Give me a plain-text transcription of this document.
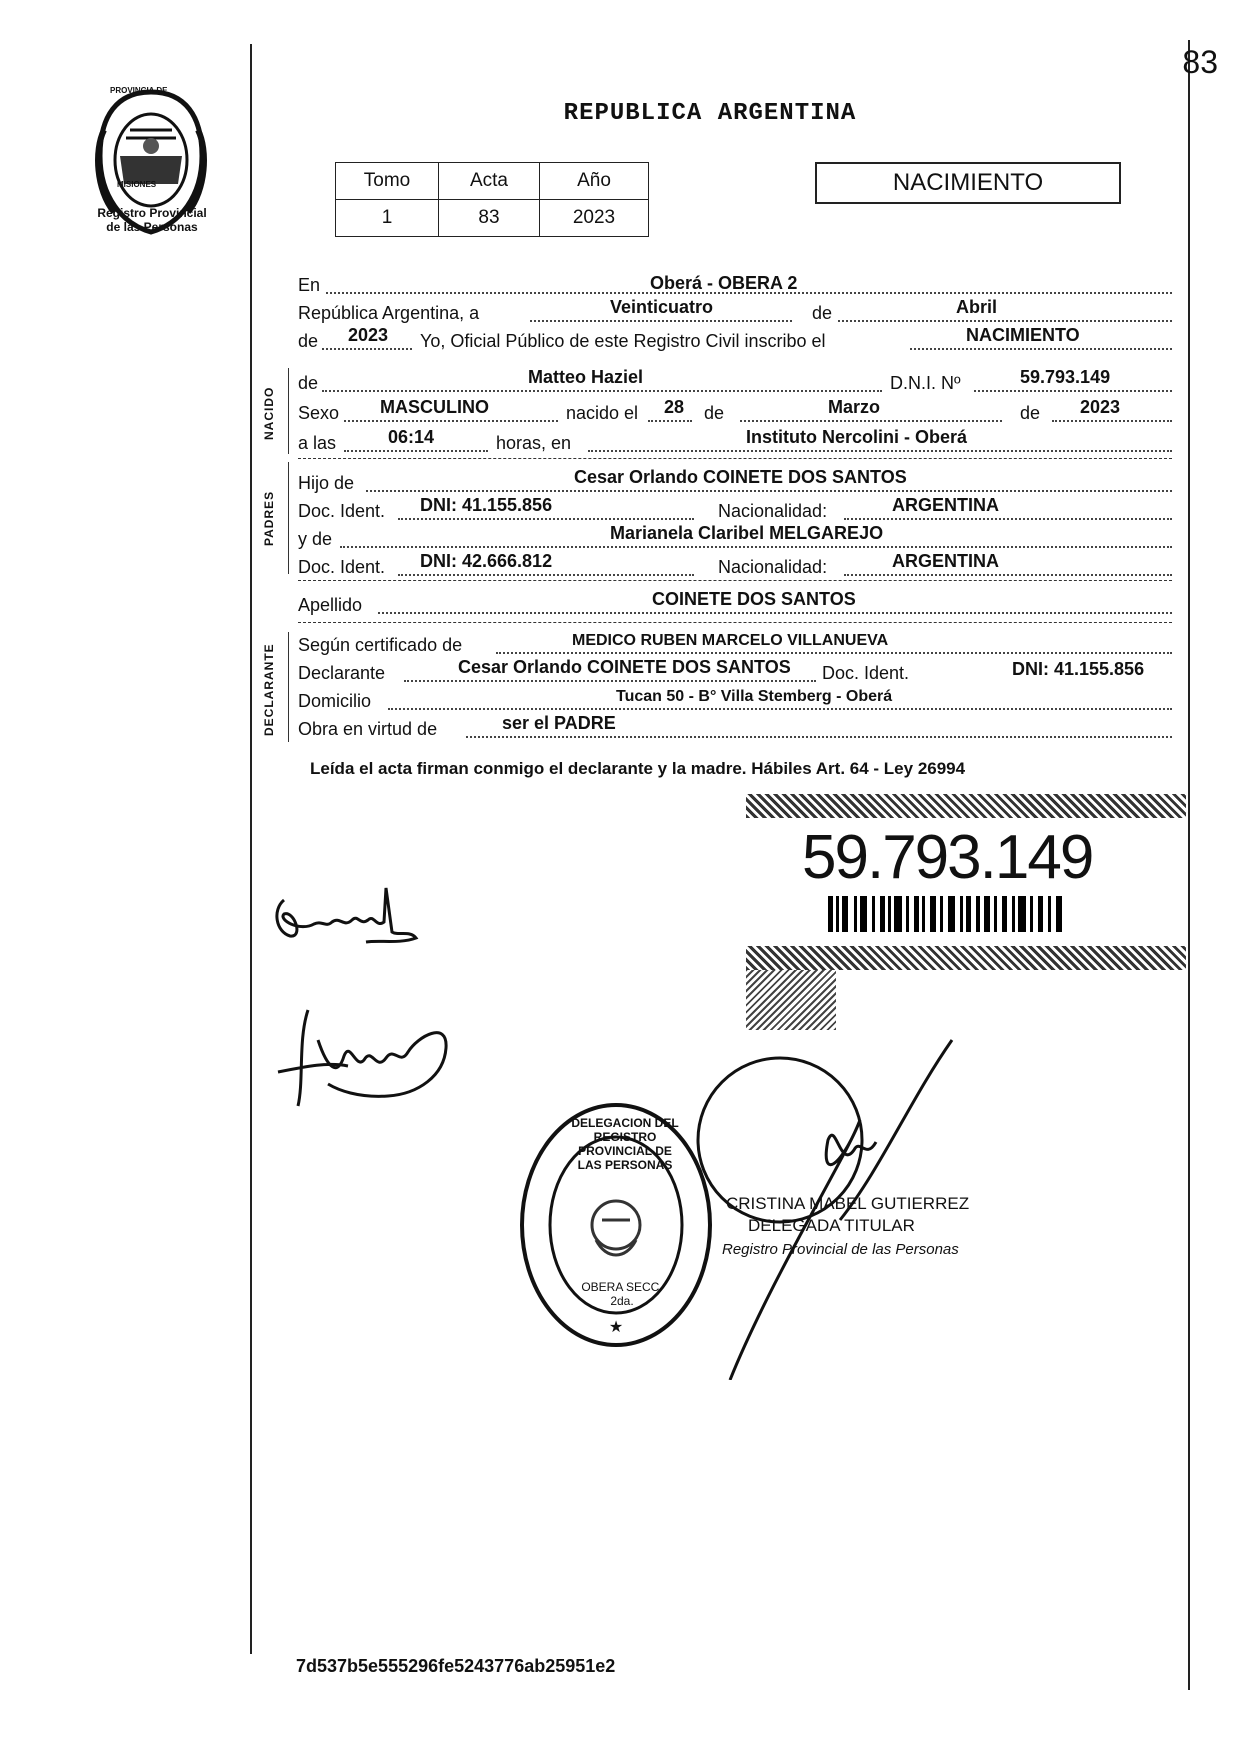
83
PROVINCIA DE
MISIONES
Registro Provincial
de las Personas
REPUBLICA ARGENTINA
Tomo	Acta	Año
1	83	2023
NACIMIENTO
En	Oberá - OBERA 2
República Argentina, a	Veinticuatro	de	Abril
de 2023 Yo, Oficial Público de este Registro Civil inscribo el	NACIMIENTO
NACIDO
de	Matteo Haziel	D.N.I. Nº	59.793.149
Sexo MASCULINO	nacido el 28 de	Marzo	de 2023
a las	06:14	horas, en	Instituto Nercolini - Oberá
PADRES
Hijo de	Cesar Orlando COINETE DOS SANTOS
Doc. Ident. DNI: 41.155.856	Nacionalidad:	ARGENTINA
y de	Marianela Claribel MELGAREJO
Doc. Ident. DNI: 42.666.812	Nacionalidad:	ARGENTINA
Apellido	COINETE DOS SANTOS
DECLARANTE Según certificado de	MEDICO RUBEN MARCELO VILLANUEVA
Declarante	Cesar Orlando COINETE DOS SANTOS Doc. Ident.	DNI: 41.155.856
Domicilio	Tucan 50 - B° Villa Stemberg - Oberá
Obra en virtud de	ser el PADRE
Leída el acta firman conmigo el declarante y la madre. Hábiles Art. 64 - Ley 26994
59.793.149
★
DELEGACION DEL REGISTRO PROVINCIAL DE LAS PERSONAS
OBERA SECC. 2da.
CRISTINA MABEL GUTIERREZ
DELEGADA TITULAR
Registro Provincial de las Personas
7d537b5e555296fe5243776ab25951e2
